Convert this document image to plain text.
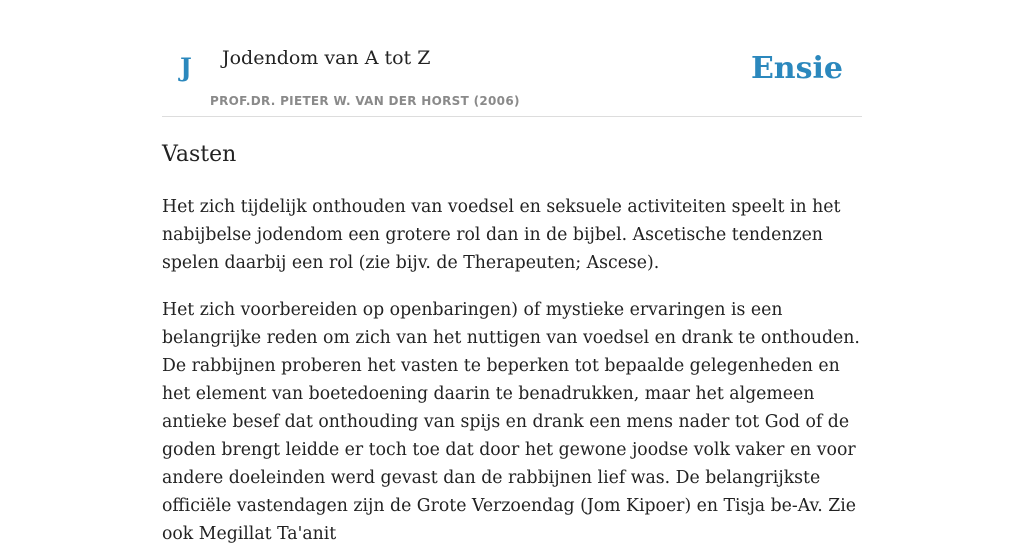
J Jodendom van A tot Z
PROF.DR. PIETER W. VAN DER HORST (2006)
Ensie
Vasten

Het zich tijdelijk onthouden van voedsel en seksuele activiteiten speelt in het nabijbelse jodendom een grotere rol dan in de bijbel. Ascetische tendenzen spelen daarbij een rol (zie bijv. de Therapeuten; Ascese).

Het zich voorbereiden op openbaringen) of mystieke ervaringen is een belangrijke reden om zich van het nuttigen van voedsel en drank te onthouden. De rabbijnen proberen het vasten te beperken tot bepaalde gelegenheden en het element van boetedoening daarin te benadrukken, maar het algemeen antieke besef dat onthouding van spijs en drank een mens nader tot God of de goden brengt leidde er toch toe dat door het gewone joodse volk vaker en voor andere doeleinden werd gevast dan de rabbijnen lief was. De belangrijkste officiële vastendagen zijn de Grote Verzoendag (Jom Kipoer) en Tisja be-Av. Zie ook Megillat Ta'anit
